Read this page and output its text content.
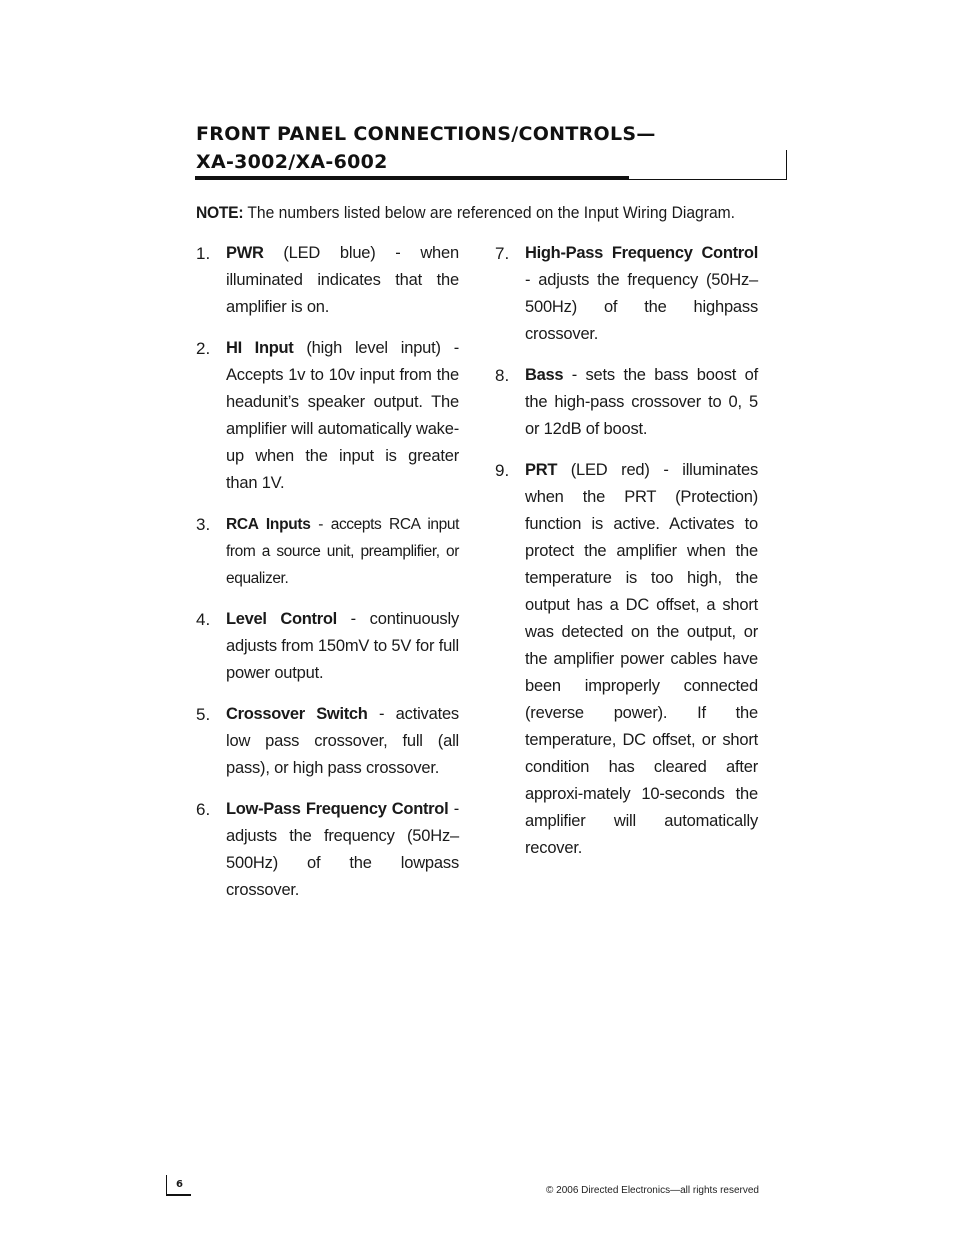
FRONT PANEL CONNECTIONS/CONTROLS—
XA-3002/XA-6002
NOTE: The numbers listed below are referenced on the Input Wiring Diagram.
1. PWR (LED blue) - when illuminated indicates that the amplifier is on.
2. HI Input (high level input) - Accepts 1v to 10v input from the headunit’s speaker output. The amplifier will automatically wake-up when the input is greater than 1V.
3. RCA Inputs - accepts RCA input from a source unit, preamplifier, or equalizer.
4. Level Control - continuously adjusts from 150mV to 5V for full power output.
5. Crossover Switch - activates low pass crossover, full (all pass), or high pass crossover.
6. Low-Pass Frequency Control - adjusts the frequency (50Hz–500Hz) of the lowpass crossover.
7. High-Pass Frequency Control - adjusts the frequency (50Hz–500Hz) of the highpass crossover.
8. Bass - sets the bass boost of the high-pass crossover to 0, 5 or 12dB of boost.
9. PRT (LED red) - illuminates when the PRT (Protection) function is active. Activates to protect the amplifier when the temperature is too high, the output has a DC offset, a short was detected on the output, or the amplifier power cables have been improperly connected (reverse power). If the temperature, DC offset, or short condition has cleared after approxi-mately 10-seconds the amplifier will automatically recover.
6
© 2006 Directed Electronics—all rights reserved
